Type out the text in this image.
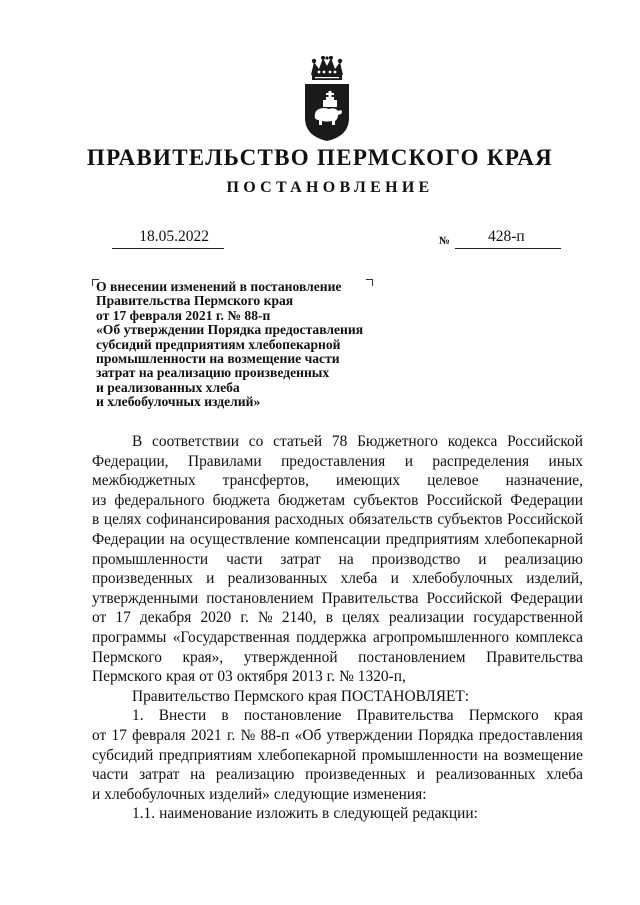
ПРАВИТЕЛЬСТВО ПЕРМСКОГО КРАЯ
ПОСТАНОВЛЕНИЕ
18.05.2022	№ 428-п
О внесении изменений в постановление
Правительства Пермского края
от 17 февраля 2021 г. № 88-п
«Об утверждении Порядка предоставления
субсидий предприятиям хлебопекарной
промышленности на возмещение части
затрат на реализацию произведенных
и реализованных хлеба
и хлебобулочных изделий»
В соответствии со статьей 78 Бюджетного кодекса Российской
Федерации, Правилами предоставления и распределения иных
межбюджетных трансфертов, имеющих целевое назначение,
из федерального бюджета бюджетам субъектов Российской Федерации
в целях софинансирования расходных обязательств субъектов Российской
Федерации на осуществление компенсации предприятиям хлебопекарной
промышленности части затрат на производство и реализацию
произведенных и реализованных хлеба и хлебобулочных изделий,
утвержденными постановлением Правительства Российской Федерации
от 17 декабря 2020 г. № 2140, в целях реализации государственной
программы «Государственная поддержка агропромышленного комплекса
Пермского края», утвержденной постановлением Правительства
Пермского края от 03 октября 2013 г. № 1320-п,
Правительство Пермского края ПОСТАНОВЛЯЕТ:
1. Внести в постановление Правительства Пермского края
от 17 февраля 2021 г. № 88-п «Об утверждении Порядка предоставления
субсидий предприятиям хлебопекарной промышленности на возмещение
части затрат на реализацию произведенных и реализованных хлеба
и хлебобулочных изделий» следующие изменения:
1.1. наименование изложить в следующей редакции:
